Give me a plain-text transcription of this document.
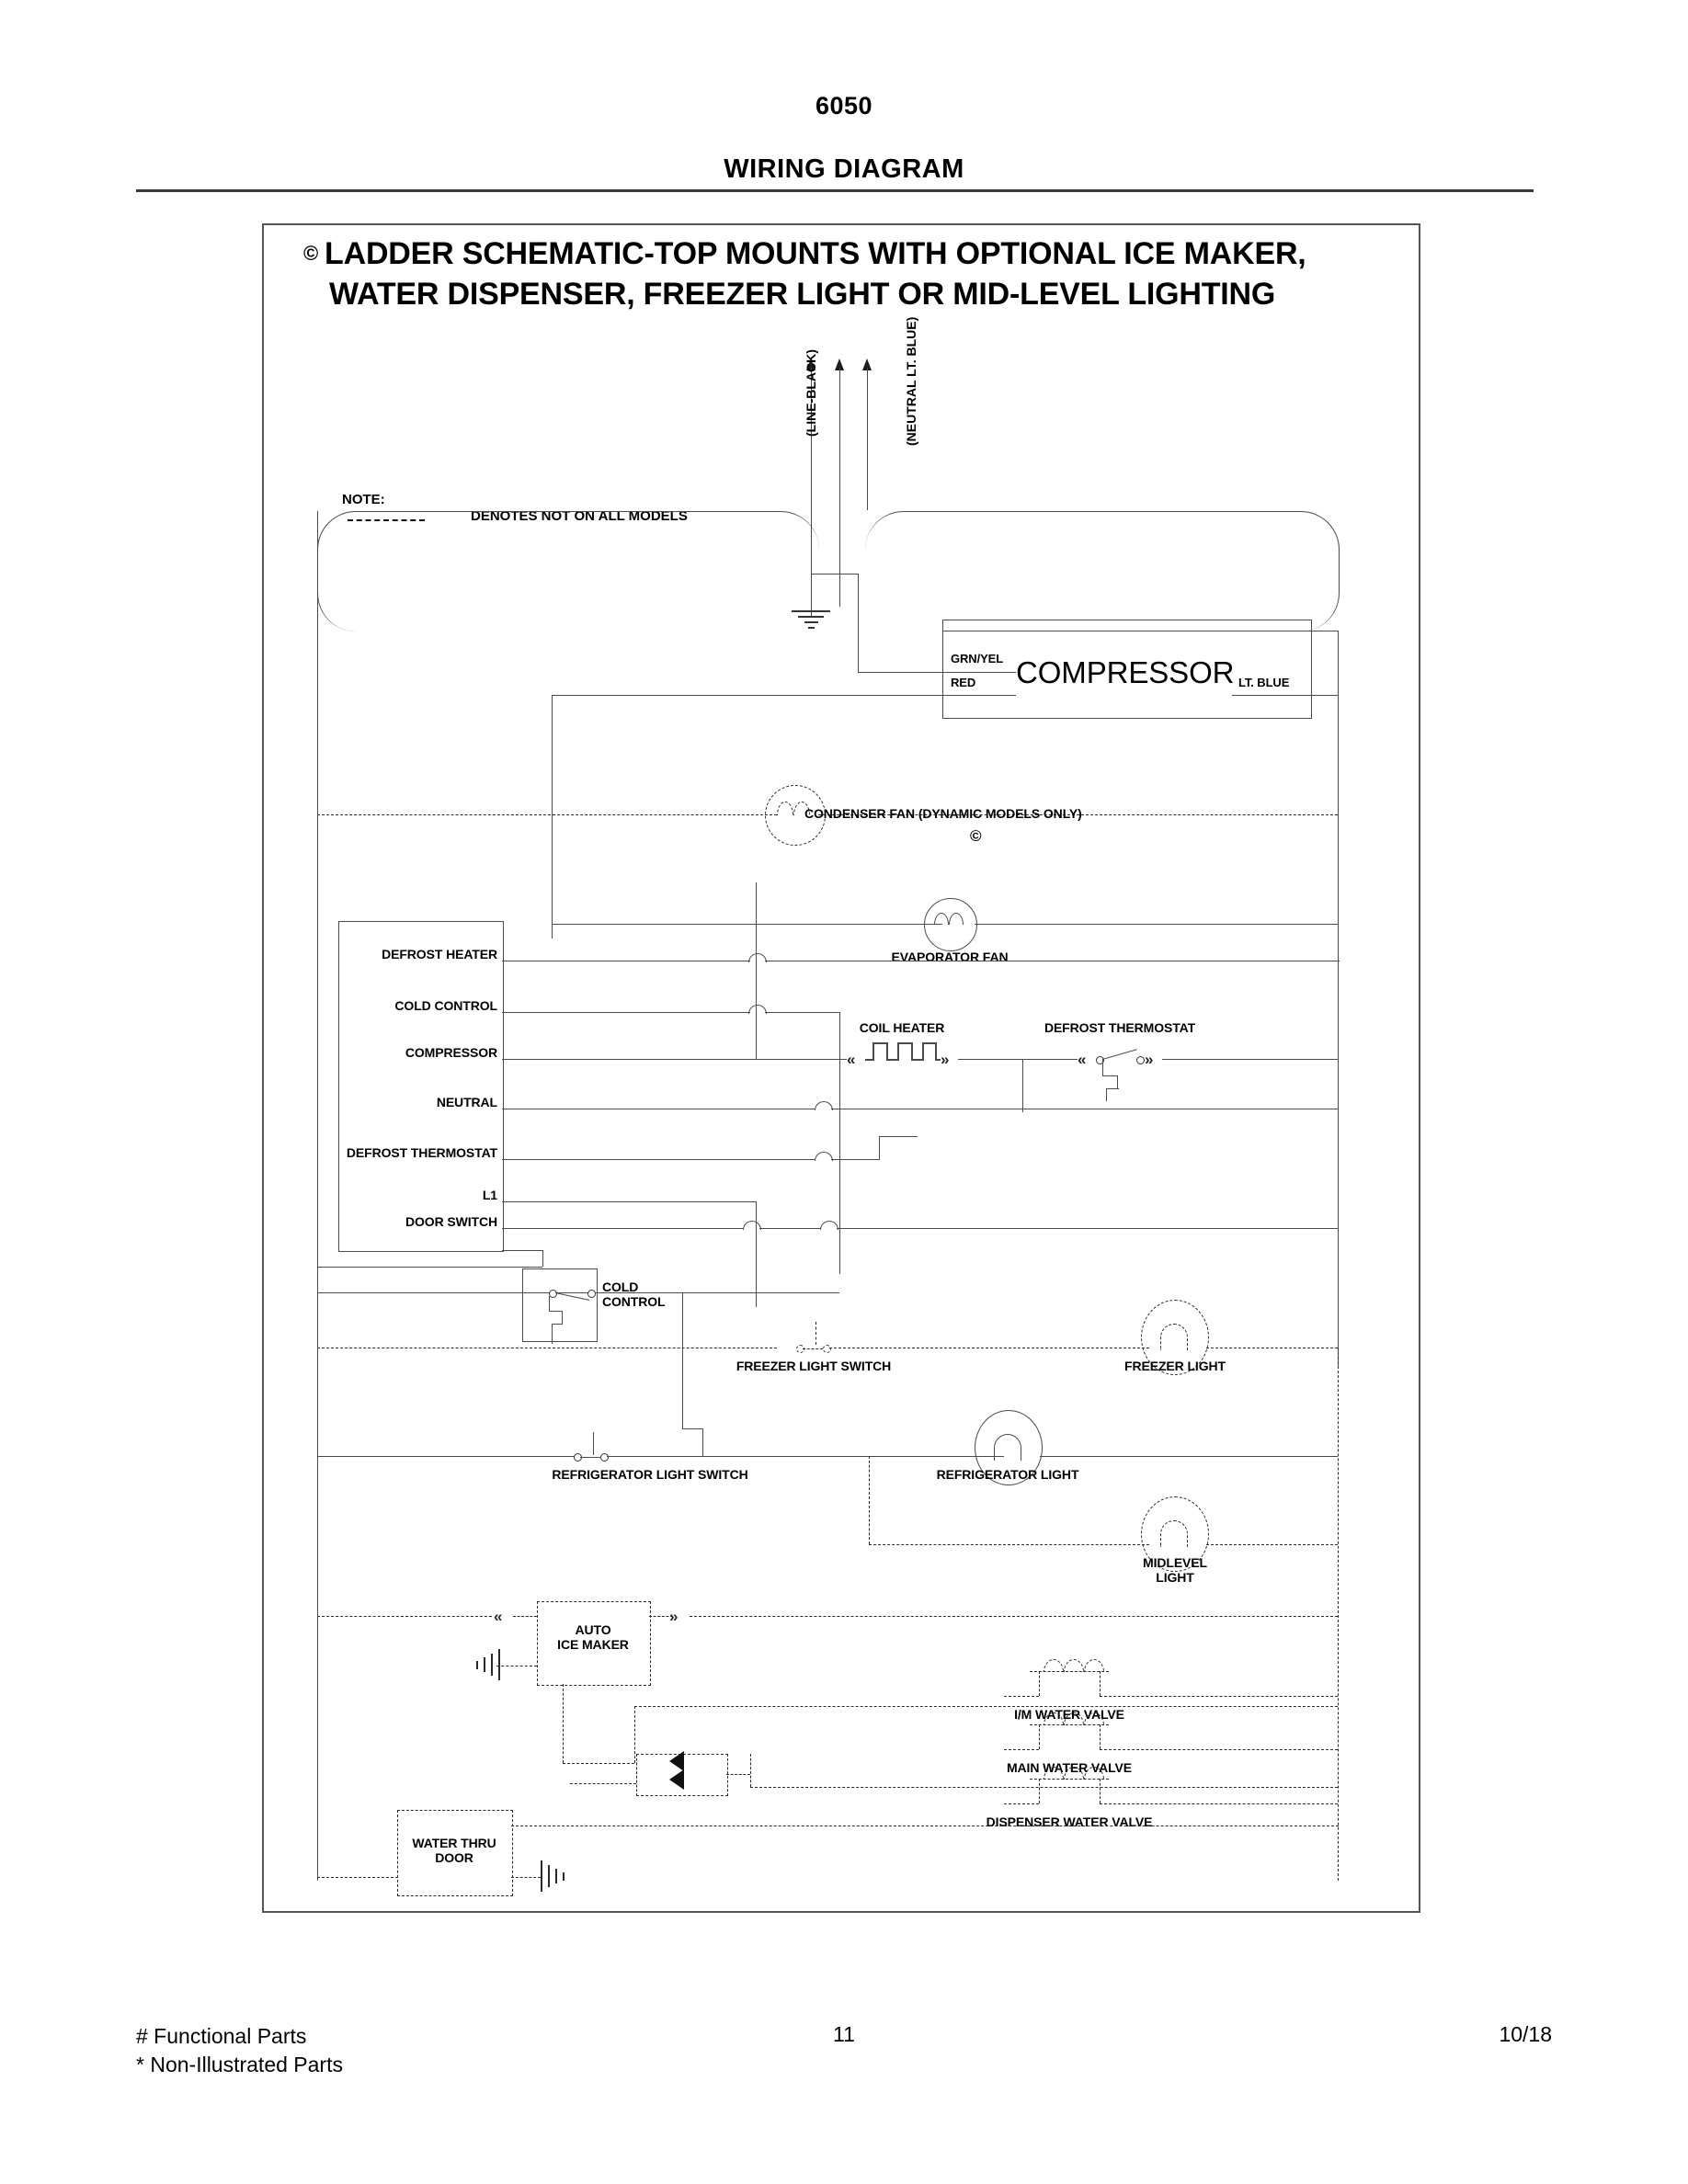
6050
WIRING DIAGRAM
© LADDER SCHEMATIC-TOP MOUNTS WITH OPTIONAL ICE MAKER,
WATER DISPENSER, FREEZER LIGHT OR MID-LEVEL LIGHTING
NOTE:
DENOTES NOT ON ALL MODELS
(LINE-BLACK)	(NEUTRAL LT. BLUE)
COMPRESSOR
GRN/YEL
RED	LT. BLUE
CONDENSER FAN (DYNAMIC MODELS ONLY)
©
EVAPORATOR FAN
DEFROST HEATER
COLD CONTROL
COMPRESSOR
NEUTRAL
DEFROST THERMOSTAT
L1
DOOR SWITCH
«	»
COIL HEATER
«	»
DEFROST THERMOSTAT
COLD
CONTROL
FREEZER LIGHT SWITCH	FREEZER LIGHT
REFRIGERATOR LIGHT SWITCH	REFRIGERATOR LIGHT
MIDLEVEL
LIGHT
«
AUTO
ICE MAKER
»
I/M WATER VALVE
MAIN WATER VALVE
DISPENSER WATER VALVE
WATER THRU
DOOR
# Functional Parts
* Non-Illustrated Parts
11	10/18
